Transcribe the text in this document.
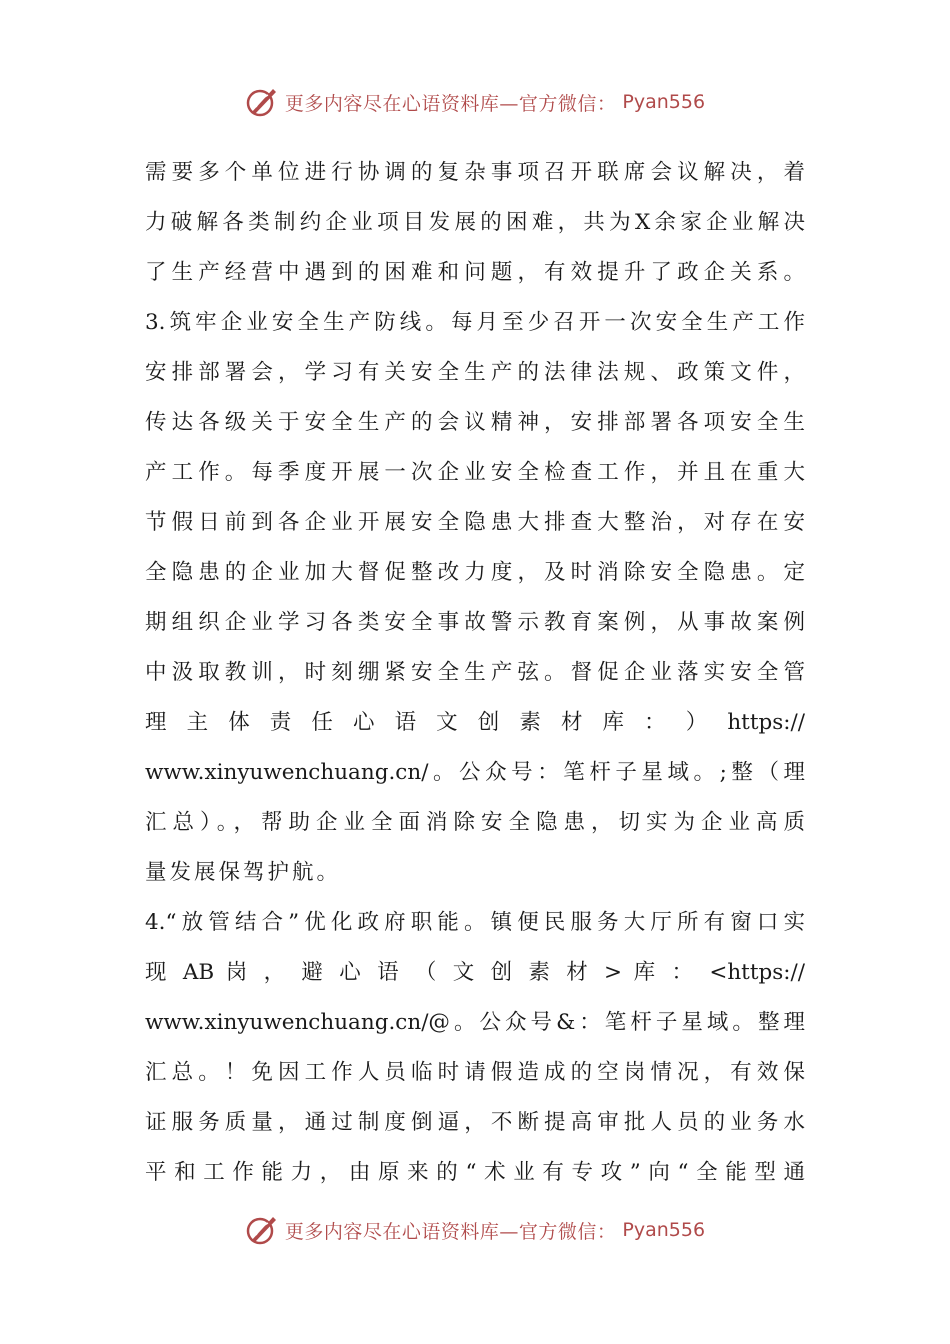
更多内容尽在心语资料库—官方微信： Pyan556
需要多个单位进行协调的复杂事项召开联席会议解决，着
力破解各类制约企业项目发展的困难，共为X余家企业解决
了生产经营中遇到的困难和问题，有效提升了政企关系。
3.筑牢企业安全生产防线。每月至少召开一次安全生产工作
安排部署会，学习有关安全生产的法律法规、政策文件，
传达各级关于安全生产的会议精神，安排部署各项安全生
产工作。每季度开展一次企业安全检查工作，并且在重大
节假日前到各企业开展安全隐患大排查大整治，对存在安
全隐患的企业加大督促整改力度，及时消除安全隐患。定
期组织企业学习各类安全事故警示教育案例，从事故案例
中汲取教训，时刻绷紧安全生产弦。督促企业落实安全管
理 主 体 责 任 心 语 文 创 素 材 库 ： ） https://
www.xinyuwenchuang.cn/。公众号：笔杆子星域。;整（理
汇总）。，帮助企业全面消除安全隐患，切实为企业高质
量发展保驾护航。
4.“放管结合”优化政府职能。镇便民服务大厅所有窗口实
现 AB 岗 ， 避 心 语 （ 文 创 素 材 > 库 ： <https://
www.xinyuwenchuang.cn/@。公众号&：笔杆子星域。整理
汇总。！免因工作人员临时请假造成的空岗情况，有效保
证服务质量，通过制度倒逼，不断提高审批人员的业务水
平和工作能力，由原来的“术业有专攻”向“全能型通
更多内容尽在心语资料库—官方微信： Pyan556
